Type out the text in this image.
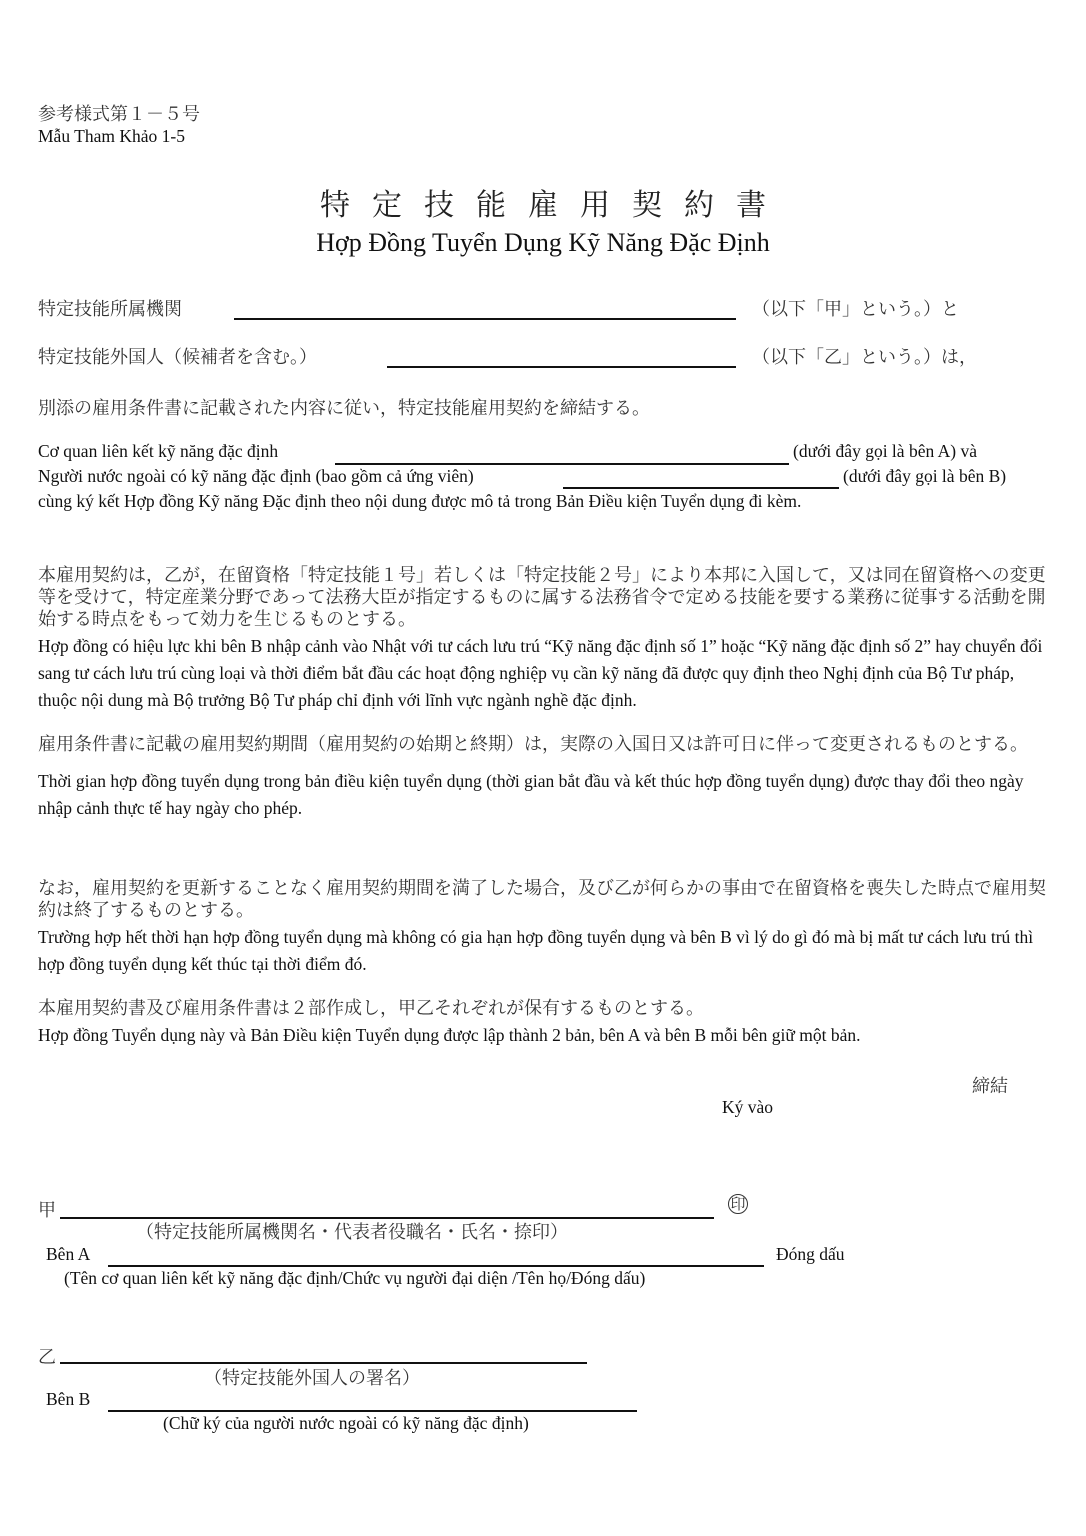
参考様式第１－５号
Mẫu Tham Khảo 1-5
特定技能雇用契約書
Hợp Đồng Tuyển Dụng Kỹ Năng Đặc Định
特定技能所属機関	（以下「甲」という。）と
特定技能外国人（候補者を含む。）	（以下「乙」という。）は，
別添の雇用条件書に記載された内容に従い，特定技能雇用契約を締結する。
Cơ quan liên kết kỹ năng đặc định	(dưới đây gọi là bên A) và
Người nước ngoài có kỹ năng đặc định (bao gồm cả ứng viên)	(dưới đây gọi là bên B)
cùng ký kết Hợp đồng Kỹ năng Đặc định theo nội dung được mô tả trong Bản Điều kiện Tuyển dụng đi kèm.
本雇用契約は，乙が，在留資格「特定技能１号」若しくは「特定技能２号」により本邦に入国して，又は同在留資格への変更等を受けて，特定産業分野であって法務大臣が指定するものに属する法務省令で定める技能を要する業務に従事する活動を開始する時点をもって効力を生じるものとする。
Hợp đồng có hiệu lực khi bên B nhập cảnh vào Nhật với tư cách lưu trú “Kỹ năng đặc định số 1” hoặc “Kỹ năng đặc định số 2” hay chuyển đổi sang tư cách lưu trú cùng loại và thời điểm bắt đầu các hoạt động nghiệp vụ cần kỹ năng đã được quy định theo Nghị định của Bộ Tư pháp, thuộc nội dung mà Bộ trưởng Bộ Tư pháp chỉ định với lĩnh vực ngành nghề đặc định.
雇用条件書に記載の雇用契約期間（雇用契約の始期と終期）は，実際の入国日又は許可日に伴って変更されるものとする。
Thời gian hợp đồng tuyển dụng trong bản điều kiện tuyển dụng (thời gian bắt đầu và kết thúc hợp đồng tuyển dụng) được thay đổi theo ngày nhập cảnh thực tế hay ngày cho phép.
なお，雇用契約を更新することなく雇用契約期間を満了した場合，及び乙が何らかの事由で在留資格を喪失した時点で雇用契約は終了するものとする。
Trường hợp hết thời hạn hợp đồng tuyển dụng mà không có gia hạn hợp đồng tuyển dụng và bên B vì lý do gì đó mà bị mất tư cách lưu trú thì hợp đồng tuyển dụng kết thúc tại thời điểm đó.
本雇用契約書及び雇用条件書は２部作成し，甲乙それぞれが保有するものとする。
Hợp đồng Tuyển dụng này và Bản Điều kiện Tuyển dụng được lập thành 2 bản, bên A và bên B mỗi bên giữ một bản.
締結
Ký vào
甲	印
（特定技能所属機関名・代表者役職名・氏名・捺印）
Bên A	Đóng dấu
(Tên cơ quan liên kết kỹ năng đặc định/Chức vụ người đại diện /Tên họ/Đóng dấu)
乙
（特定技能外国人の署名）
Bên B
(Chữ ký của người nước ngoài có kỹ năng đặc định)
